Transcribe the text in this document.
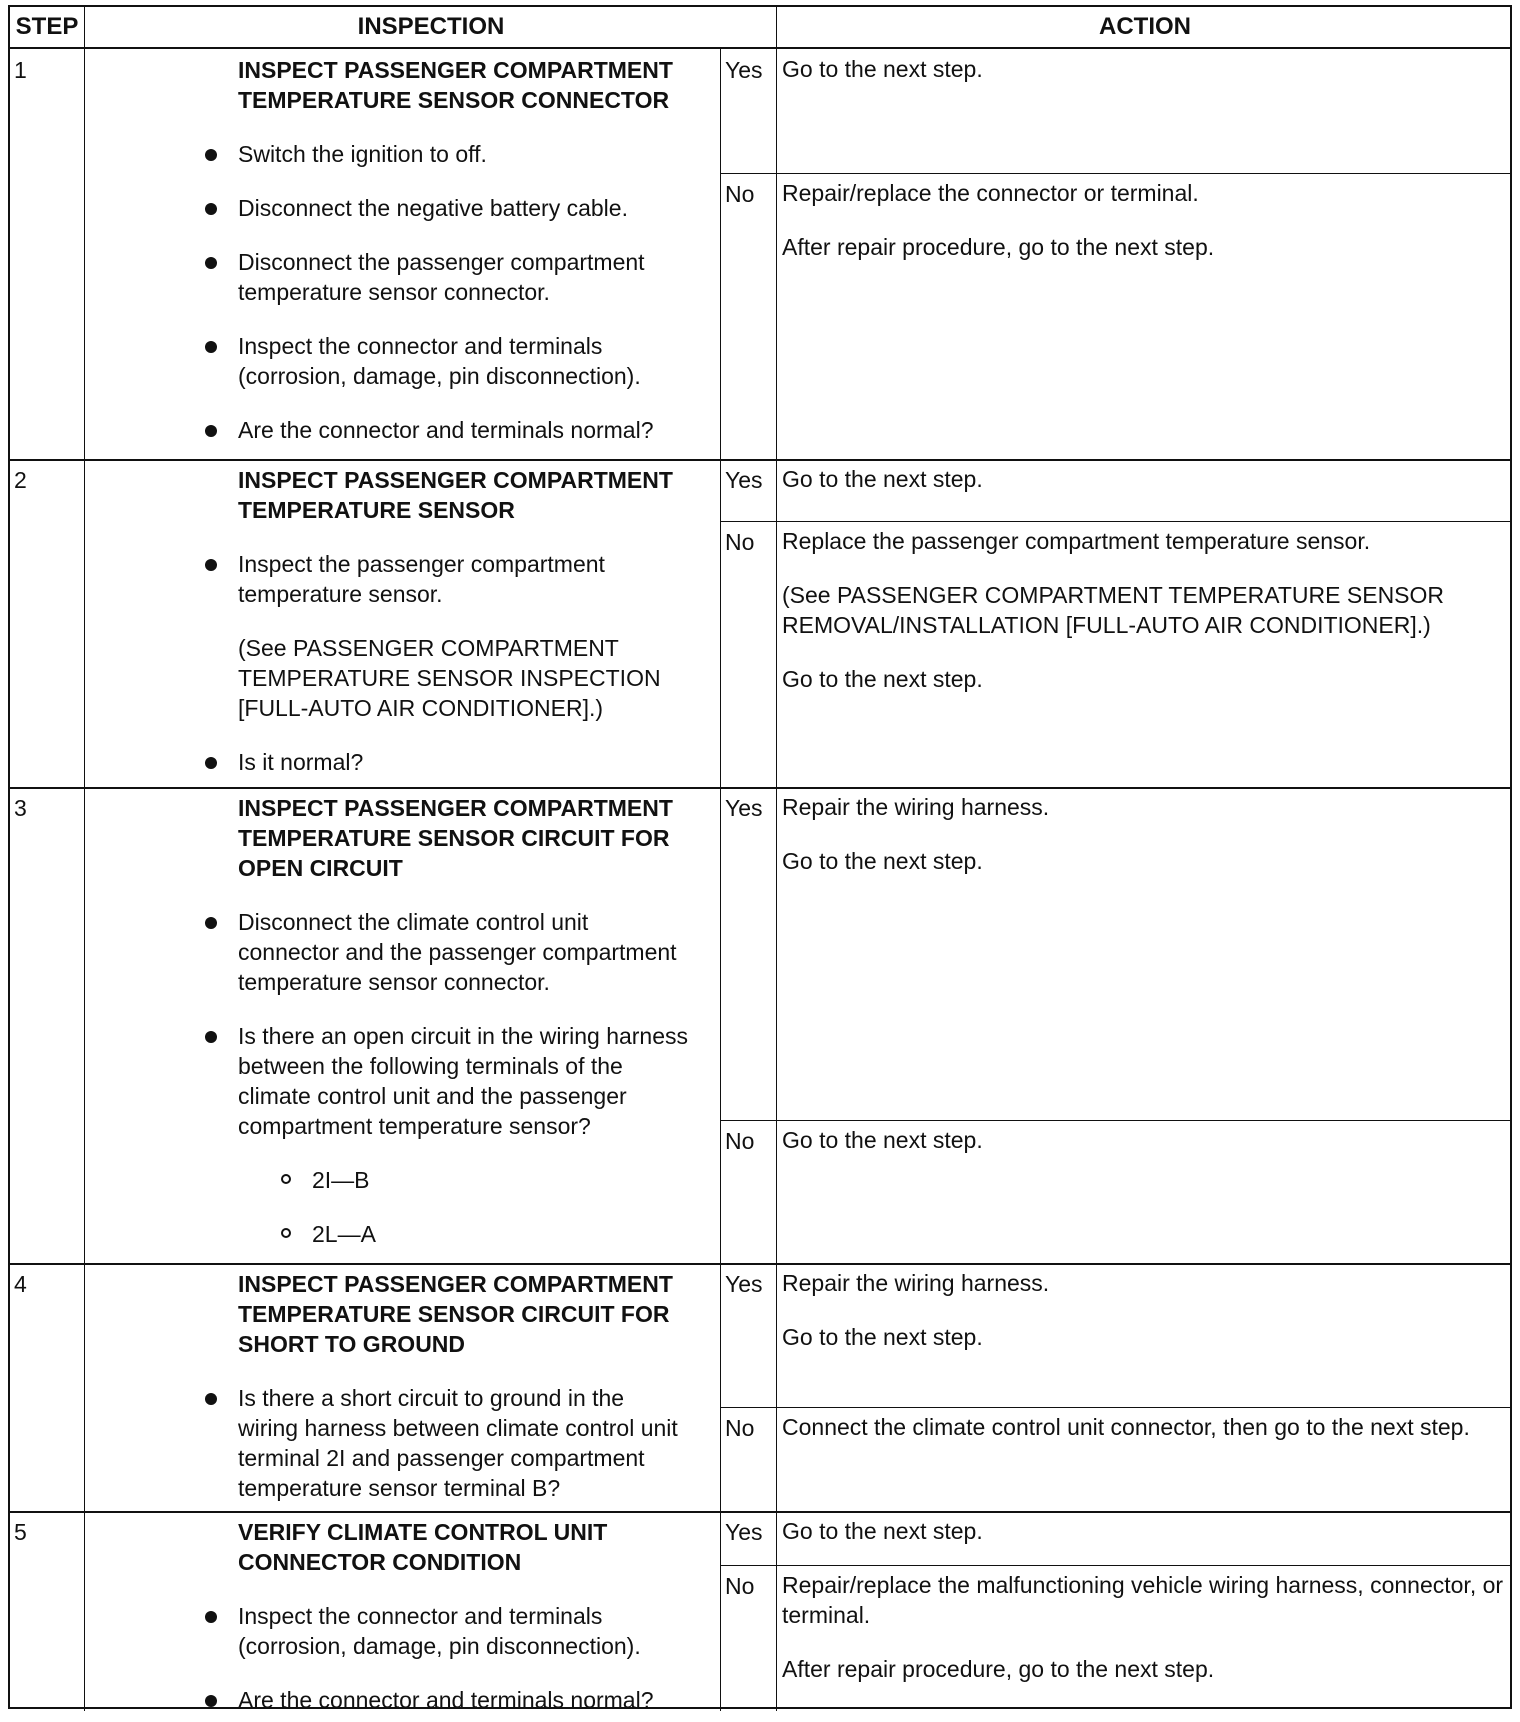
STEP	INSPECTION	ACTION
1	INSPECT PASSENGER COMPARTMENT TEMPERATURE SENSOR CONNECTOR
Switch the ignition to off.
Disconnect the negative battery cable.
Disconnect the passenger compartment temperature sensor connector.
Inspect the connector and terminals (corrosion, damage, pin disconnection).
Are the connector and terminals normal?
Yes Go to the next step.
No	Repair/replace the connector or terminal.
After repair procedure, go to the next step.
2	INSPECT PASSENGER COMPARTMENT TEMPERATURE SENSOR
Inspect the passenger compartment temperature sensor.
(See PASSENGER COMPARTMENT TEMPERATURE SENSOR INSPECTION [FULL-AUTO AIR CONDITIONER].)
Is it normal?
Yes Go to the next step.
No	Replace the passenger compartment temperature sensor.
(See PASSENGER COMPARTMENT TEMPERATURE SENSOR REMOVAL/INSTALLATION [FULL-AUTO AIR CONDITIONER].)
Go to the next step.
3	INSPECT PASSENGER COMPARTMENT TEMPERATURE SENSOR CIRCUIT FOR OPEN CIRCUIT
Disconnect the climate control unit connector and the passenger compartment temperature sensor connector.
Is there an open circuit in the wiring harness between the following terminals of the climate control unit and the passenger compartment temperature sensor?
2I—B
2L—A
Yes Repair the wiring harness.
Go to the next step.
No	Go to the next step.
4	INSPECT PASSENGER COMPARTMENT TEMPERATURE SENSOR CIRCUIT FOR SHORT TO GROUND
Is there a short circuit to ground in the wiring harness between climate control unit terminal 2I and passenger compartment temperature sensor terminal B?
Yes Repair the wiring harness.
Go to the next step.
No	Connect the climate control unit connector, then go to the next step.
5	VERIFY CLIMATE CONTROL UNIT CONNECTOR CONDITION
Inspect the connector and terminals (corrosion, damage, pin disconnection).
Are the connector and terminals normal?
Yes Go to the next step.
No	Repair/replace the malfunctioning vehicle wiring harness, connector, or terminal.
After repair procedure, go to the next step.
